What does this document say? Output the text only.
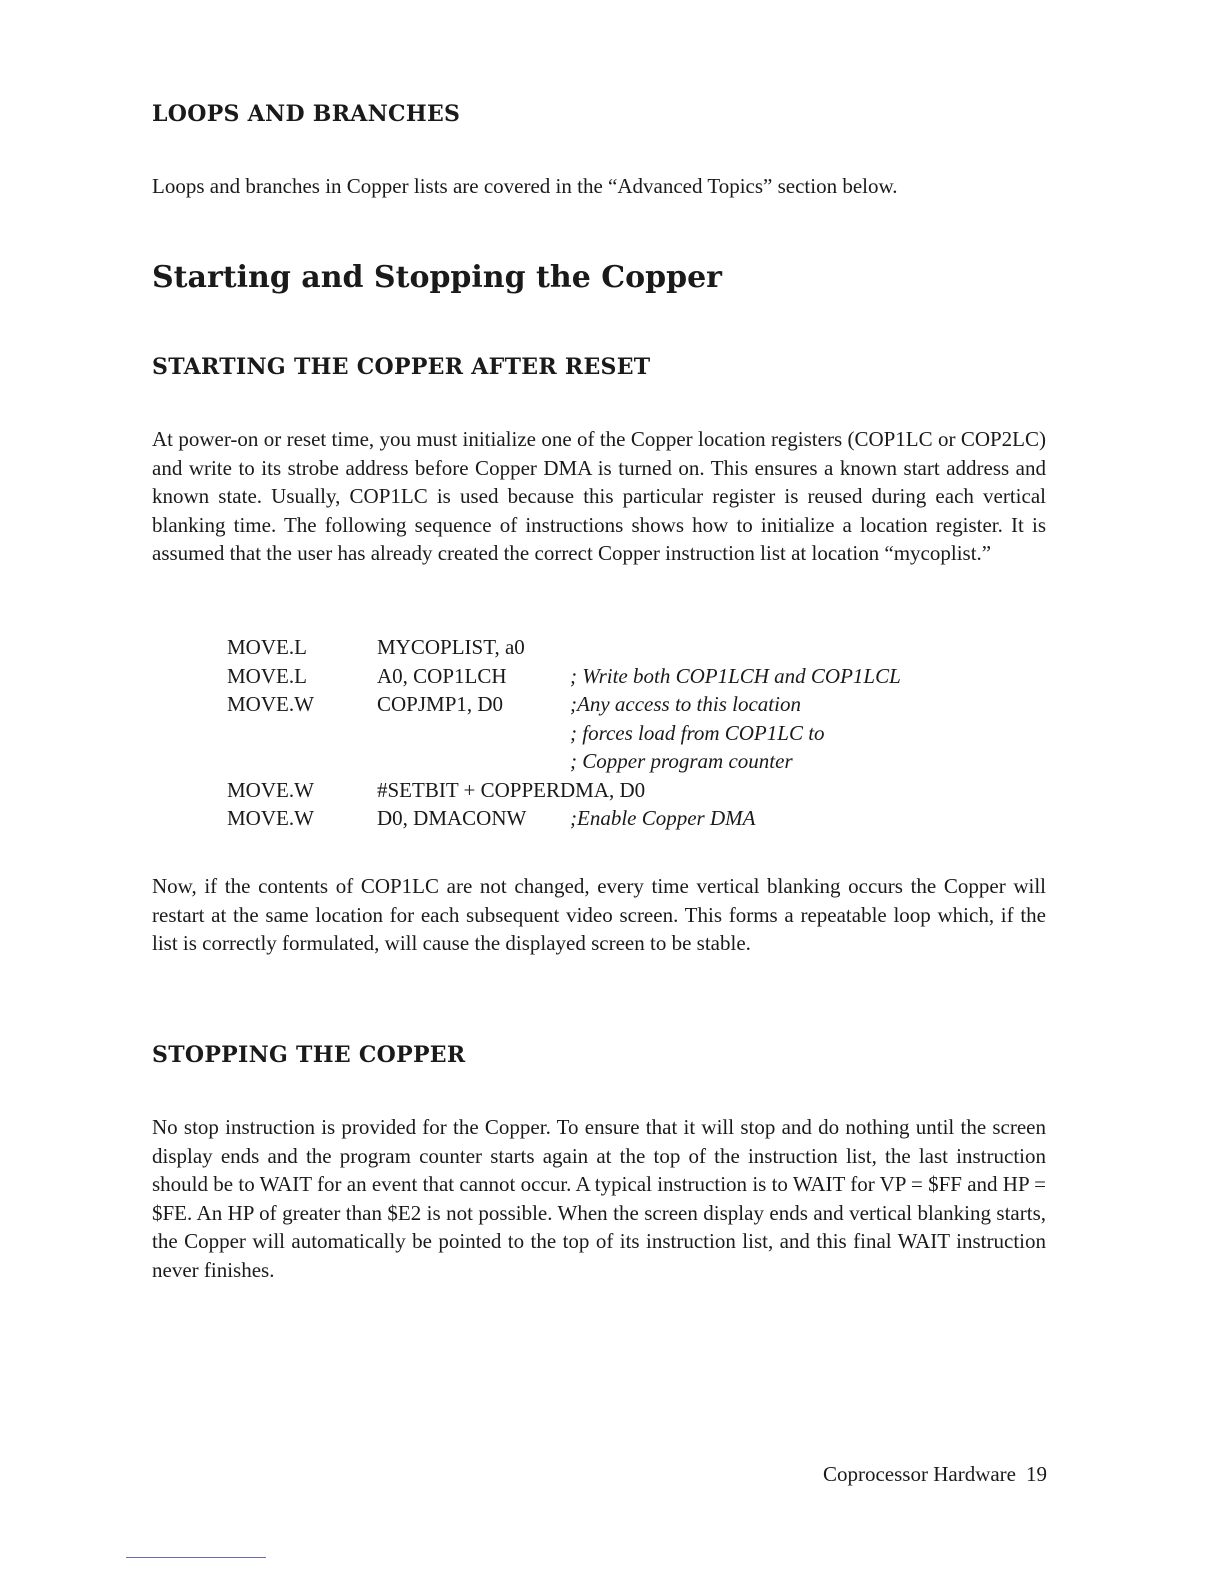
LOOPS AND BRANCHES

Loops and branches in Copper lists are covered in the “Advanced Topics” section below.

Starting and Stopping the Copper
STARTING THE COPPER AFTER RESET

At power-on or reset time, you must initialize one of the Copper location registers (COP1LC or COP2LC) and write to its strobe address before Copper DMA is turned on. This ensures a known start address and known state. Usually, COP1LC is used because this particular register is reused during each vertical blanking time. The following sequence of instructions shows how to initialize a location register. It is assumed that the user has already created the correct Copper instruction list at location “mycoplist.”

MOVE.L	MYCOPLIST, a0
MOVE.L	A0, COP1LCH	; Write both COP1LCH and COP1LCL
MOVE.W	COPJMP1, D0	;Any access to this location
; forces load from COP1LC to
; Copper program counter
MOVE.W	#SETBIT + COPPERDMA, D0
MOVE.W	D0, DMACONW ;Enable Copper DMA

Now, if the contents of COP1LC are not changed, every time vertical blanking occurs the Copper will restart at the same location for each subsequent video screen. This forms a repeatable loop which, if the list is correctly formulated, will cause the displayed screen to be stable.

STOPPING THE COPPER

No stop instruction is provided for the Copper. To ensure that it will stop and do nothing until the screen display ends and the program counter starts again at the top of the instruction list, the last instruction should be to WAIT for an event that cannot occur. A typical instruction is to WAIT for VP = $FF and HP = $FE. An HP of greater than $E2 is not possible. When the screen display ends and vertical blanking starts, the Copper will automatically be pointed to the top of its instruction list, and this final WAIT instruction never finishes.

Coprocessor Hardware 19
